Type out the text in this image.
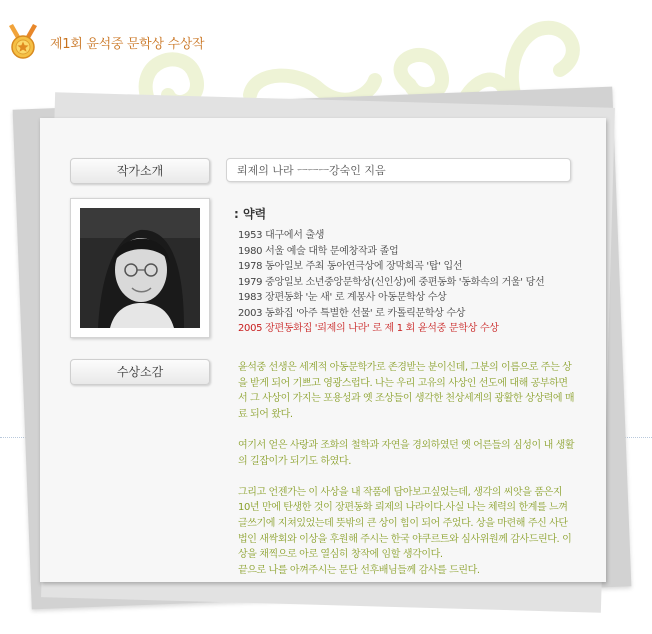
제1회 윤석중 문학상 수상작
작가소개	뢰제의 나라 ㅡㅡㅡ강숙인 지음
: 약력
1953 대구에서 출생
1980 서울 예술 대학 문예창작과 졸업
1978 동아일보 주최 동아연극상에 장막희곡 '탑' 입선
1979 중앙일보 소년중앙문학상(신인상)에 중편동화 '동화속의 거울' 당선
1983 장편동화 '눈 새' 로 계몽사 아동문학상 수상
2003 동화집 '아주 특별한 선물' 로 카톨릭문학상 수상
2005 장편동화집 '뢰제의 나라' 로 제 1 회 윤석중 문학상 수상
수상소감	윤석중 선생은 세계적 아동문학가로 존경받는 분이신데, 그분의 이름으로 주는 상을 받게 되어 기쁘고 영광스럽다. 나는 우리 고유의 사상인 선도에 대해 공부하면서 그 사상이 가지는 포용성과 옛 조상들이 생각한 천상세계의 광활한 상상력에 매료 되어 왔다.

여기서 얻은 사랑과 조화의 철학과 자연을 경외하였던 옛 어른들의 심성이 내 생활의 길잡이가 되기도 하였다.

그리고 언젠가는 이 사상을 내 작품에 담아보고싶었는데, 생각의 씨앗을 품은지 10년 만에 탄생한 것이 장편동화 뢰제의 나라이다.사실 나는 체력의 한계를 느껴 글쓰기에 지쳐있었는데 뜻밖의 큰 상이 힘이 되어 주었다. 상을 마련해 주신 사단법인 새싹회와 이상을 후원해 주시는 한국 야쿠르트와 심사위원께 감사드린다. 이 상을 채찍으로 아로 열심히 창작에 임할 생각이다.
끝으로 나를 아껴주시는 문단 선후배님들께 감사를 드린다.
